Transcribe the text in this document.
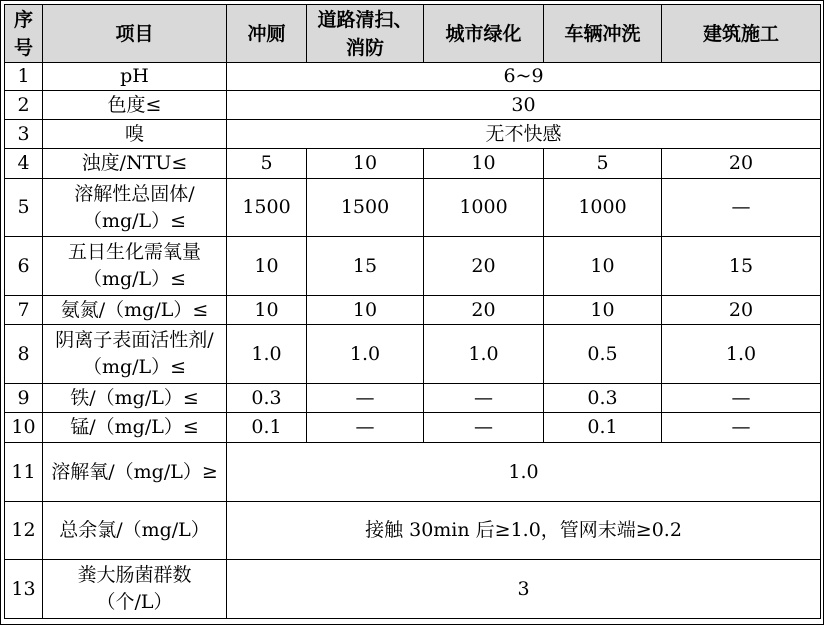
序号	项目	冲厕	道路清扫、消防	城市绿化	车辆冲洗	建筑施工
1	pH	6~9				
2	色度≤	30				
3	嗅	无不快感				
4	浊度/NTU≤	5	10	10	5	20
5	溶解性总固体/（mg/L）≤	1500	1500	1000	1000	—
6	五日生化需氧量（mg/L）≤	10	15	20	10	15
7	氨氮/（mg/L）≤	10	10	20	10	20
8	阴离子表面活性剂/（mg/L）≤	1.0	1.0	1.0	0.5	1.0
9	铁/（mg/L）≤	0.3	—	—	0.3	—
10	锰/（mg/L）≤	0.1	—	—	0.1	—
11	溶解氧/（mg/L）≥	1.0				
12	总余氯/（mg/L）	接触 30min 后≥1.0，管网末端≥0.2				
13	粪大肠菌群数（个/L）	3				
